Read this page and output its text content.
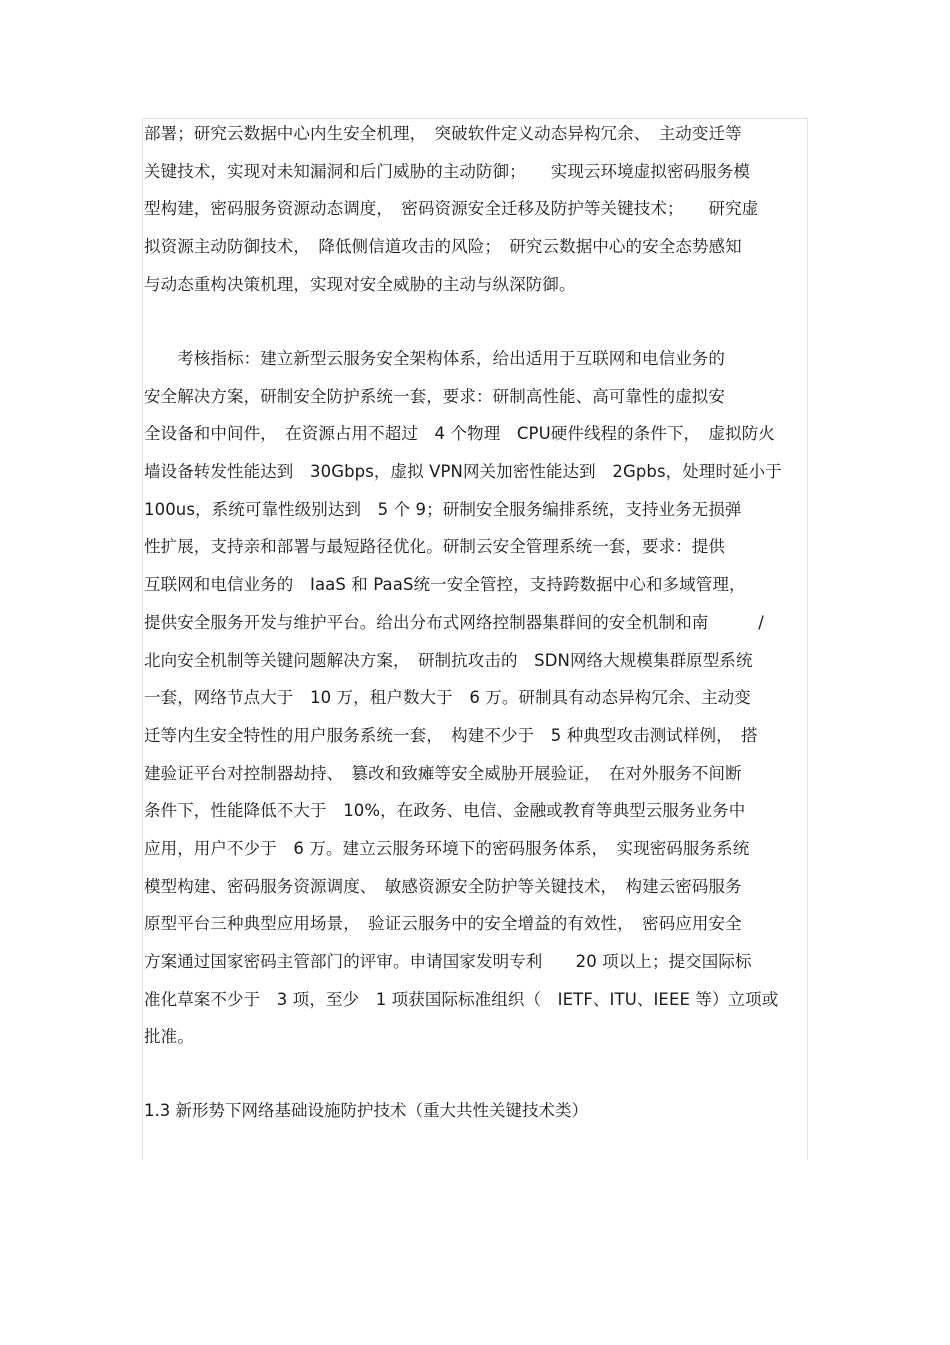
部署；研究云数据中心内生安全机理，　突破软件定义动态异构冗余、　主动变迁等
关键技术，实现对未知漏洞和后门威胁的主动防御；　　实现云环境虚拟密码服务模
型构建，密码服务资源动态调度，　密码资源安全迁移及防护等关键技术；　　研究虚
拟资源主动防御技术，　降低侧信道攻击的风险；　研究云数据中心的安全态势感知
与动态重构决策机理，实现对安全威胁的主动与纵深防御。
　　考核指标：建立新型云服务安全架构体系，给出适用于互联网和电信业务的
安全解决方案，研制安全防护系统一套，要求：研制高性能、高可靠性的虚拟安
全设备和中间件，　在资源占用不超过　4 个物理　CPU硬件线程的条件下，　虚拟防火
墙设备转发性能达到　30Gbps，虚拟 VPN网关加密性能达到　2Gpbs，处理时延小于
100us，系统可靠性级别达到　5 个 9；研制安全服务编排系统，支持业务无损弹
性扩展，支持亲和部署与最短路径优化。研制云安全管理系统一套，要求：提供
互联网和电信业务的　IaaS 和 PaaS统一安全管控，支持跨数据中心和多域管理，
提供安全服务开发与维护平台。给出分布式网络控制器集群间的安全机制和南　　　/
北向安全机制等关键问题解决方案，　研制抗攻击的　SDN网络大规模集群原型系统
一套，网络节点大于　10 万，租户数大于　6 万。研制具有动态异构冗余、主动变
迁等内生安全特性的用户服务系统一套，　构建不少于　5 种典型攻击测试样例，　搭
建验证平台对控制器劫持、　篡改和致瘫等安全威胁开展验证，　在对外服务不间断
条件下，性能降低不大于　10%，在政务、电信、金融或教育等典型云服务业务中
应用，用户不少于　6 万。建立云服务环境下的密码服务体系，　实现密码服务系统
模型构建、密码服务资源调度、　敏感资源安全防护等关键技术，　构建云密码服务
原型平台三种典型应用场景，　验证云服务中的安全增益的有效性，　密码应用安全
方案通过国家密码主管部门的评审。申请国家发明专利　　20 项以上；提交国际标
准化草案不少于　3 项，至少　1 项获国际标准组织（　IETF、ITU、IEEE 等）立项或
批准。
1.3 新形势下网络基础设施防护技术（重大共性关键技术类）
